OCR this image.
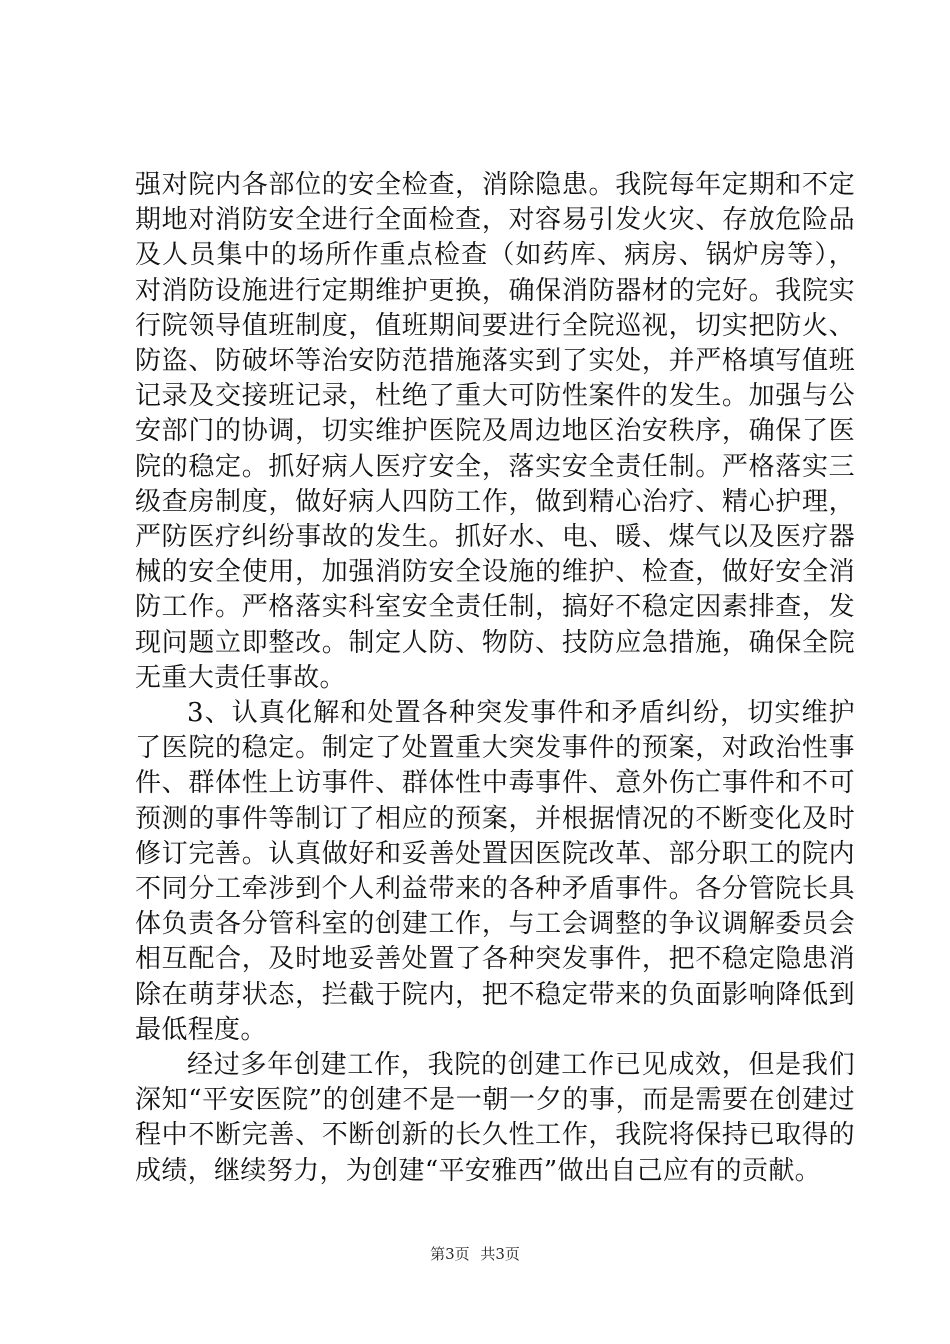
强对院内各部位的安全检查，消除隐患。我院每年定期和不定期地对消防安全进行全面检查，对容易引发火灾、存放危险品及人员集中的场所作重点检查（如药库、病房、锅炉房等），对消防设施进行定期维护更换，确保消防器材的完好。我院实行院领导值班制度，值班期间要进行全院巡视，切实把防火、防盗、防破坏等治安防范措施落实到了实处，并严格填写值班记录及交接班记录，杜绝了重大可防性案件的发生。加强与公安部门的协调，切实维护医院及周边地区治安秩序，确保了医院的稳定。抓好病人医疗安全，落实安全责任制。严格落实三级查房制度，做好病人四防工作，做到精心治疗、精心护理，严防医疗纠纷事故的发生。抓好水、电、暖、煤气以及医疗器械的安全使用，加强消防安全设施的维护、检查，做好安全消防工作。严格落实科室安全责任制，搞好不稳定因素排查，发现问题立即整改。制定人防、物防、技防应急措施，确保全院无重大责任事故。

3、认真化解和处置各种突发事件和矛盾纠纷，切实维护了医院的稳定。制定了处置重大突发事件的预案，对政治性事件、群体性上访事件、群体性中毒事件、意外伤亡事件和不可预测的事件等制订了相应的预案，并根据情况的不断变化及时修订完善。认真做好和妥善处置因医院改革、部分职工的院内不同分工牵涉到个人利益带来的各种矛盾事件。各分管院长具体负责各分管科室的创建工作，与工会调整的争议调解委员会相互配合，及时地妥善处置了各种突发事件，把不稳定隐患消除在萌芽状态，拦截于院内，把不稳定带来的负面影响降低到最低程度。

经过多年创建工作，我院的创建工作已见成效，但是我们深知“平安医院”的创建不是一朝一夕的事，而是需要在创建过程中不断完善、不断创新的长久性工作，我院将保持已取得的成绩，继续努力，为创建“平安雅西”做出自己应有的贡献。

第3页 共3页
